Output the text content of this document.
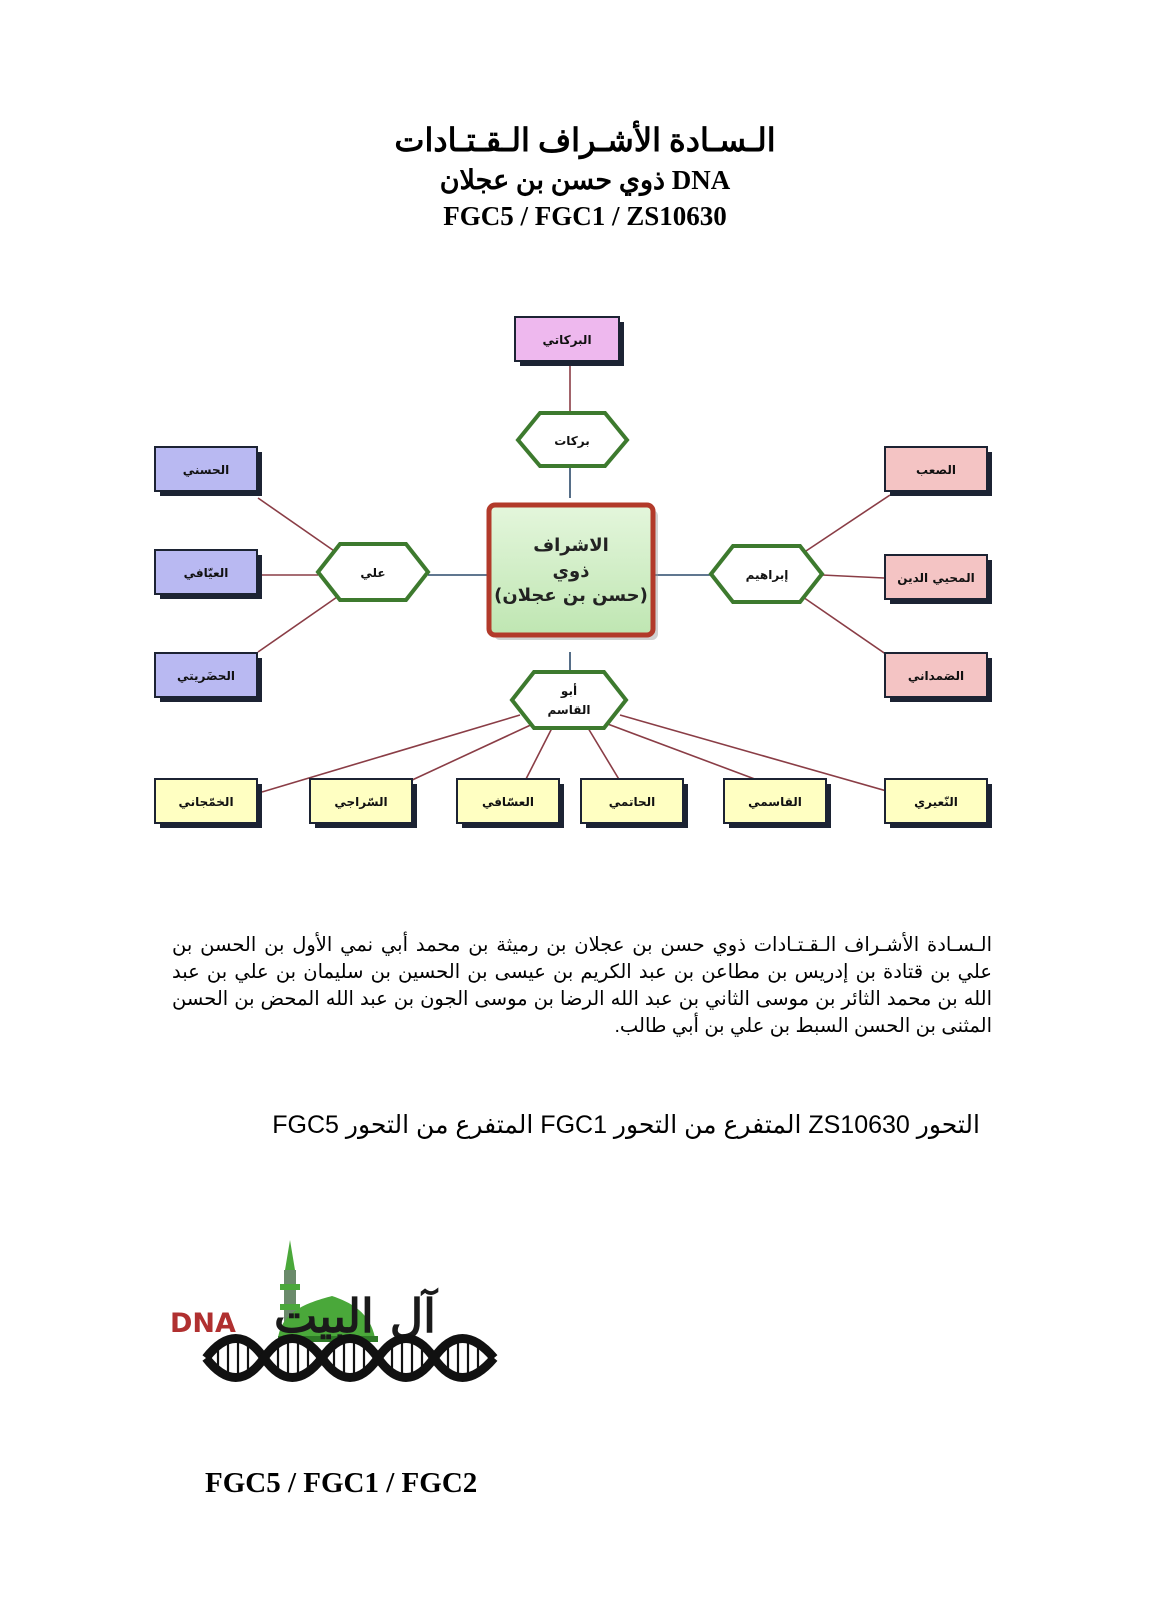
الـسـادة الأشـراف الـقـتـادات
ذوي حسن بن عجلان DNA
FGC5 / FGC1 / ZS10630
الاشراف
ذوي
(حسن بن عجلان)
بركات
علي	إبراهيم
أبو
القاسم
البركاتي
الحسني
العيّافي
الحضَريتي
الصعب
المحيي الدين
الصَمداني
الخمّجاني	السّراجي	العسّافي	الحاتمي	القاسمي	النّعيري
الـسـادة الأشـراف الـقـتـادات ذوي حسن بن عجلان بن رميثة بن محمد أبي نمي الأول بن الحسن بن علي بن قتادة بن إدريس بن مطاعن بن عبد الكريم بن عيسى بن الحسين بن سليمان بن علي بن عبد الله بن محمد الثائر بن موسى الثاني بن عبد الله الرضا بن موسى الجون بن عبد الله المحض بن الحسن المثنى بن الحسن السبط بن علي بن أبي طالب.
التحور ZS10630 المتفرع من التحور FGC1 المتفرع من التحور FGC5
آل البيت
DNA
FGC5 / FGC1 / FGC2
